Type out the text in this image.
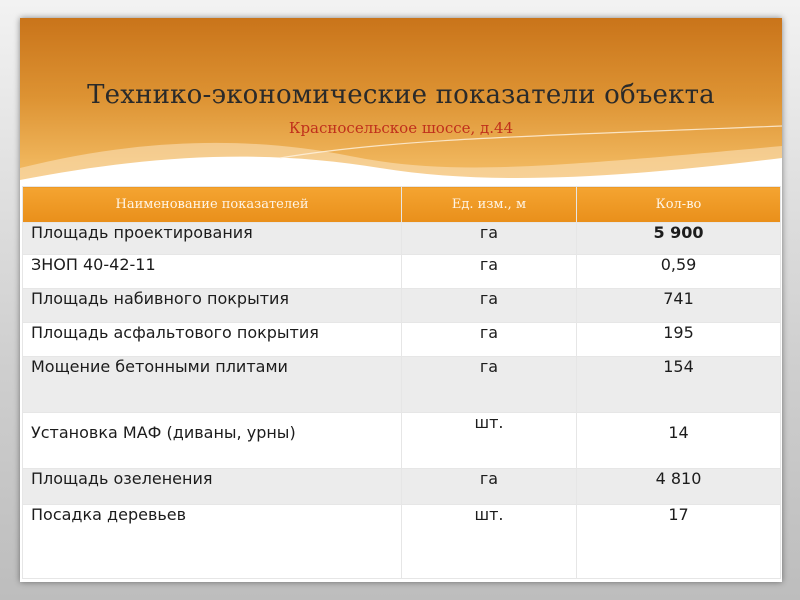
Технико-экономические показатели объекта
Красносельское шоссе, д.44
Наименование показателей	Ед. изм., м	Кол-во
Площадь проектирования	га	5 900
ЗНОП 40-42-11	га	0,59
Площадь набивного покрытия	га	741
Площадь асфальтового покрытия	га	195
Мощение бетонными плитами	га	154
Установка МАФ (диваны, урны)	шт.	14
Площадь озеленения	га	4 810
Посадка деревьев	шт.	17
